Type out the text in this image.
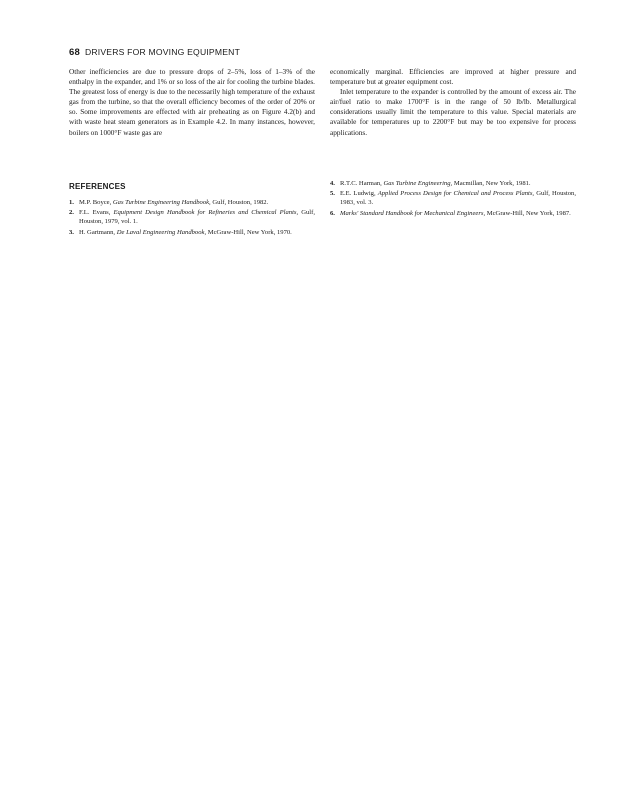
68 DRIVERS FOR MOVING EQUIPMENT

Other inefficiencies are due to pressure drops of 2–5%, loss of 1–3% of the enthalpy in the expander, and 1% or so loss of the air for cooling the turbine blades. The greatest loss of energy is due to the necessarily high temperature of the exhaust gas from the turbine, so that the overall efficiency becomes of the order of 20% or so. Some improvements are effected with air preheating as on Figure 4.2(b) and with waste heat steam generators as in Example 4.2. In many instances, however, boilers on 1000°F waste gas are

economically marginal. Efficiencies are improved at higher pressure and temperature but at greater equipment cost.

Inlet temperature to the expander is controlled by the amount of excess air. The air/fuel ratio to make 1700°F is in the range of 50 lb/lb. Metallurgical considerations usually limit the temperature to this value. Special materials are available for temperatures up to 2200°F but may be too expensive for process applications.

REFERENCES
1. M.P. Boyce, Gas Turbine Engineering Handbook, Gulf, Houston, 1982.
2. F.L. Evans, Equipment Design Handbook for Refineries and Chemical Plants, Gulf, Houston, 1979, vol. 1.
3. H. Gartmann, De Laval Engineering Handbook, McGraw-Hill, New York, 1970.
4. R.T.C. Harman, Gas Turbine Engineering, Macmillan, New York, 1981.
5. E.E. Ludwig, Applied Process Design for Chemical and Process Plants, Gulf, Houston, 1983, vol. 3.
6. Marks' Standard Handbook for Mechanical Engineers, McGraw-Hill, New York, 1987.
